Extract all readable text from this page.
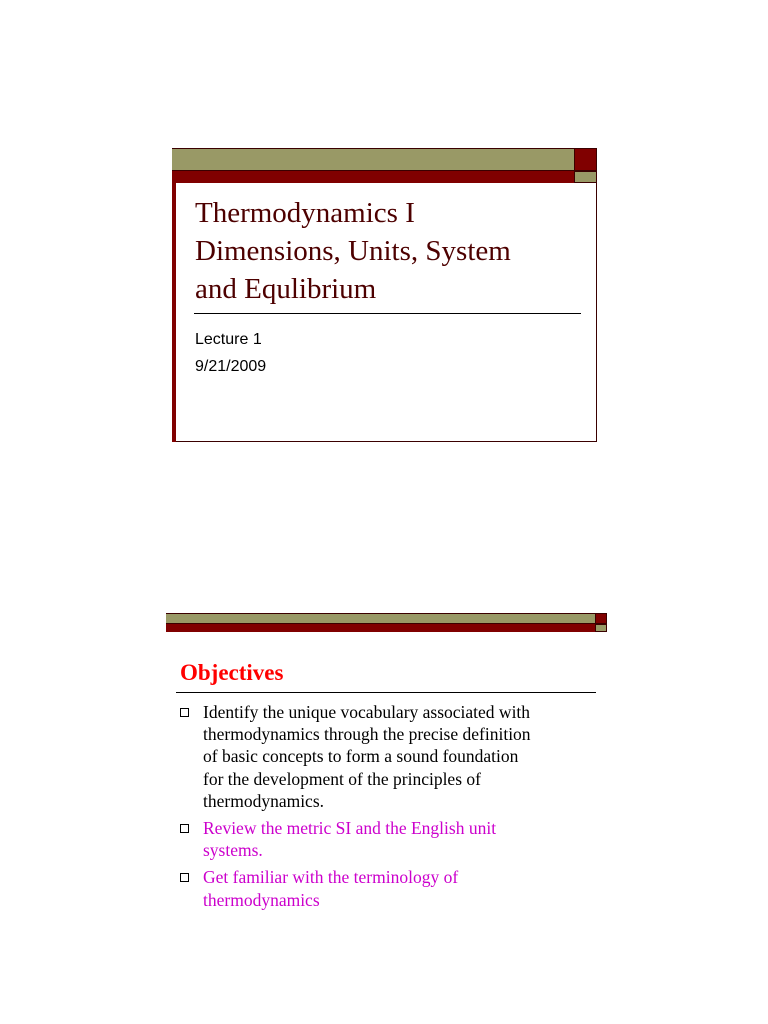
Thermodynamics I
Dimensions, Units, System
and Equlibrium
Lecture 1
9/21/2009
Objectives
Identify the unique vocabulary associated with
thermodynamics through the precise definition
of basic concepts to form a sound foundation
for the development of the principles of
thermodynamics.
Review the metric SI and the English unit
systems.
Get familiar with the terminology of
thermodynamics
